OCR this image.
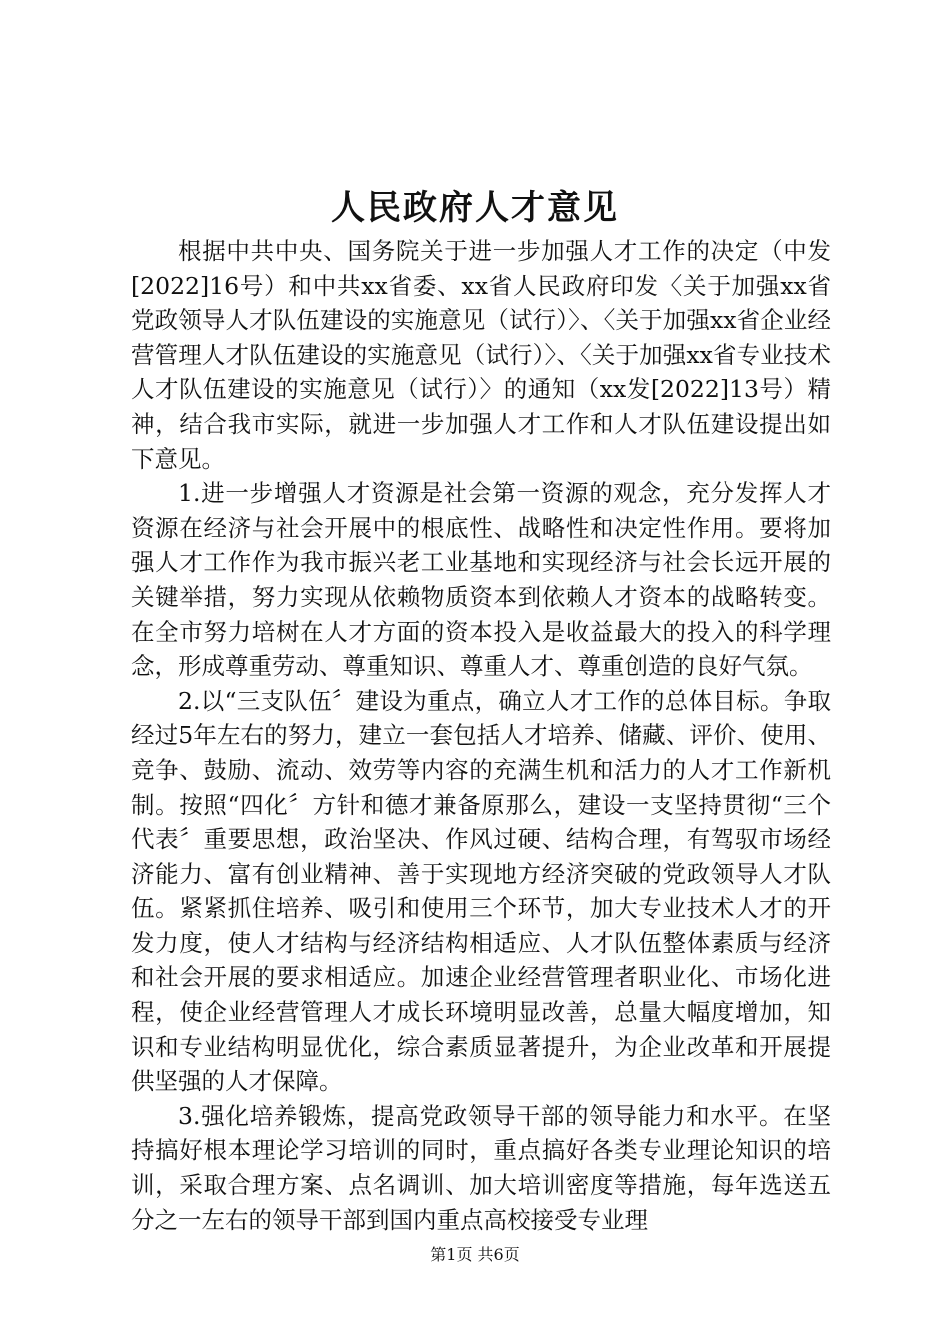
人民政府人才意见

根据中共中央、国务院关于进一步加强人才工作的决定（中发[2022]16号）和中共xx省委、xx省人民政府印发〈关于加强xx省党政领导人才队伍建设的实施意见（试行）〉、〈关于加强xx省企业经营管理人才队伍建设的实施意见（试行）〉、〈关于加强xx省专业技术人才队伍建设的实施意见（试行）〉的通知（xx发[2022]13号）精神，结合我市实际，就进一步加强人才工作和人才队伍建设提出如下意见。

1.进一步增强人才资源是社会第一资源的观念，充分发挥人才资源在经济与社会开展中的根底性、战略性和决定性作用。要将加强人才工作作为我市振兴老工业基地和实现经济与社会长远开展的关键举措，努力实现从依赖物质资本到依赖人才资本的战略转变。在全市努力培树在人才方面的资本投入是收益最大的投入的科学理念，形成尊重劳动、尊重知识、尊重人才、尊重创造的良好气氛。

2.以“三支队伍〞建设为重点，确立人才工作的总体目标。争取经过5年左右的努力，建立一套包括人才培养、储藏、评价、使用、竞争、鼓励、流动、效劳等内容的充满生机和活力的人才工作新机制。按照“四化〞方针和德才兼备原那么，建设一支坚持贯彻“三个代表〞重要思想，政治坚决、作风过硬、结构合理，有驾驭市场经济能力、富有创业精神、善于实现地方经济突破的党政领导人才队伍。紧紧抓住培养、吸引和使用三个环节，加大专业技术人才的开发力度，使人才结构与经济结构相适应、人才队伍整体素质与经济和社会开展的要求相适应。加速企业经营管理者职业化、市场化进程，使企业经营管理人才成长环境明显改善，总量大幅度增加，知识和专业结构明显优化，综合素质显著提升，为企业改革和开展提供坚强的人才保障。

3.强化培养锻炼，提高党政领导干部的领导能力和水平。在坚持搞好根本理论学习培训的同时，重点搞好各类专业理论知识的培训，采取合理方案、点名调训、加大培训密度等措施，每年选送五分之一左右的领导干部到国内重点高校接受专业理

第1页 共6页
